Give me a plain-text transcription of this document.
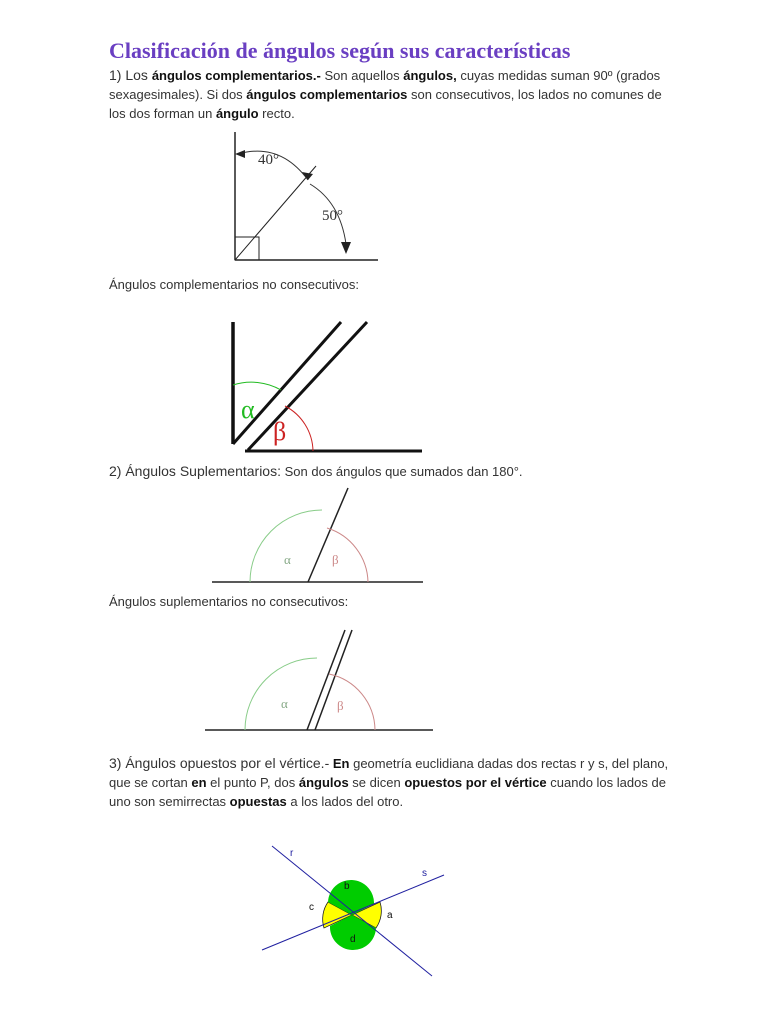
Clasificación de ángulos según sus características
1) Los ángulos complementarios.- Son aquellos ángulos, cuyas medidas suman 90º (grados sexagesimales). Si dos ángulos complementarios son consecutivos, los lados no comunes de los dos forman un ángulo recto.
40°
50°
Ángulos complementarios no consecutivos:
α
β
2) Ángulos Suplementarios: Son dos ángulos que sumados dan 180°.
α	β
Ángulos suplementarios no consecutivos:
α	β
3) Ángulos opuestos por el vértice.- En geometría euclidiana dadas dos rectas r y s, del plano, que se cortan en el punto P, dos ángulos se dicen opuestos por el vértice cuando los lados de uno son semirrectas opuestas a los lados del otro.
r
s
a
b
c
d
